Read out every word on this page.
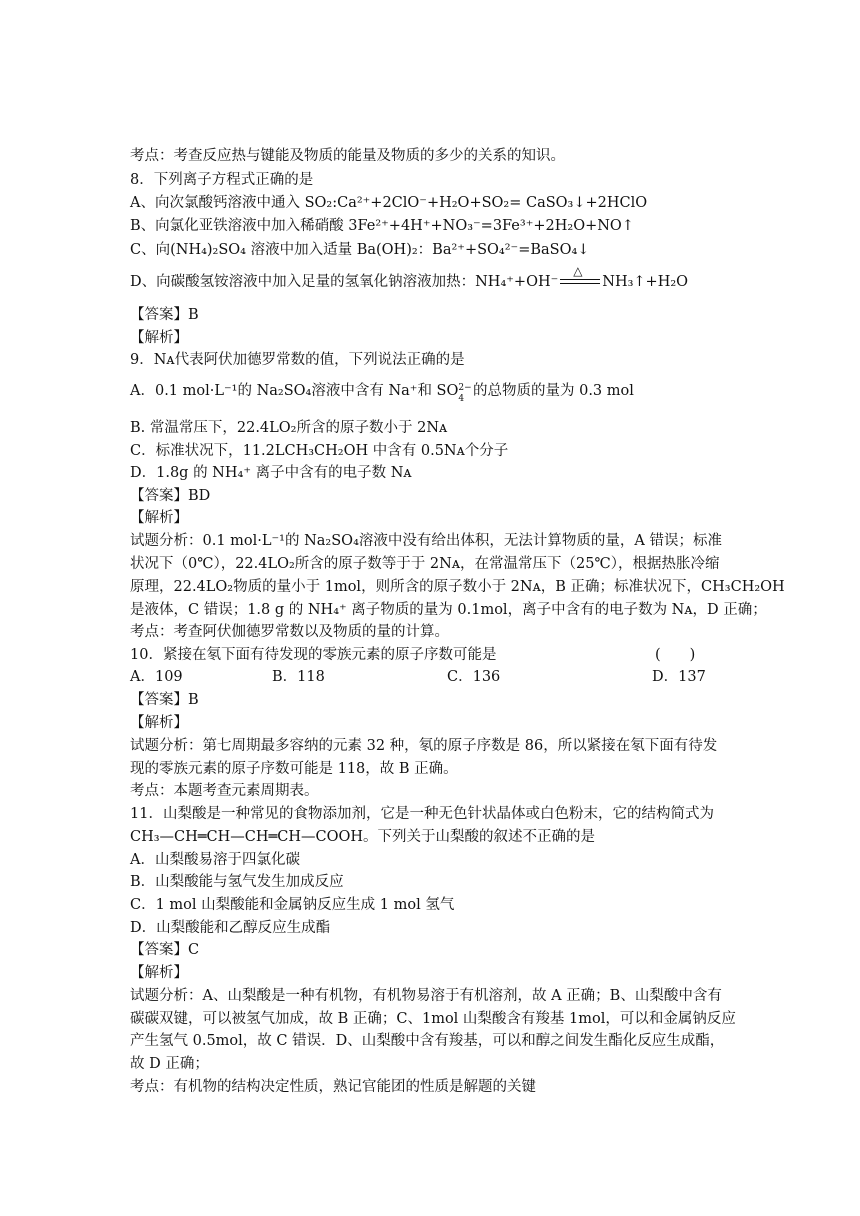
考点：考查反应热与键能及物质的能量及物质的多少的关系的知识。
8．下列离子方程式正确的是
A、向次氯酸钙溶液中通入 SO₂:Ca²⁺+2ClO⁻+H₂O+SO₂= CaSO₃↓+2HClO
B、向氯化亚铁溶液中加入稀硝酸 3Fe²⁺+4H⁺+NO₃⁻=3Fe³⁺+2H₂O+NO↑
C、向(NH₄)₂SO₄ 溶液中加入适量 Ba(OH)₂：Ba²⁺+SO₄²⁻=BaSO₄↓
D、向碳酸氢铵溶液中加入足量的氢氧化钠溶液加热：NH₄⁺+OH⁻
△
NH₃↑+H₂O
【答案】B
【解析】
9．Nᴀ代表阿伏加德罗常数的值，下列说法正确的是
A．0.1 mol·L⁻¹的 Na₂SO₄溶液中含有 Na⁺和 SO 2−
4 的总物质的量为 0.3 mol
B. 常温常压下，22.4LO₂所含的原子数小于 2Nᴀ
C．标准状况下，11.2LCH₃CH₂OH 中含有 0.5Nᴀ个分子
D．1.8g 的 NH₄⁺ 离子中含有的电子数 Nᴀ
【答案】BD
【解析】
试题分析：0.1 mol·L⁻¹的 Na₂SO₄溶液中没有给出体积，无法计算物质的量，A 错误；标准
状况下（0℃），22.4LO₂所含的原子数等于于 2Nᴀ，在常温常压下（25℃），根据热胀冷缩
原理，22.4LO₂物质的量小于 1mol，则所含的原子数小于 2Nᴀ，B 正确；标准状况下，CH₃CH₂OH
是液体，C 错误；1.8 g 的 NH₄⁺ 离子物质的量为 0.1mol，离子中含有的电子数为 Nᴀ，D 正确；
考点：考查阿伏伽德罗常数以及物质的量的计算。
10．紧接在氡下面有待发现的零族元素的原子序数可能是	(　　)
A．109	B．118	C．136	D．137
【答案】B
【解析】
试题分析：第七周期最多容纳的元素 32 种，氡的原子序数是 86，所以紧接在氡下面有待发
现的零族元素的原子序数可能是 118，故 B 正确。
考点：本题考查元素周期表。
11．山梨酸是一种常见的食物添加剂，它是一种无色针状晶体或白色粉末，它的结构简式为
CH₃—CH═CH—CH═CH—COOH。下列关于山梨酸的叙述不正确的是
A．山梨酸易溶于四氯化碳
B．山梨酸能与氢气发生加成反应
C．1 mol 山梨酸能和金属钠反应生成 1 mol 氢气
D．山梨酸能和乙醇反应生成酯
【答案】C
【解析】
试题分析：A、山梨酸是一种有机物，有机物易溶于有机溶剂，故 A 正确；B、山梨酸中含有
碳碳双键，可以被氢气加成，故 B 正确；C、1mol 山梨酸含有羧基 1mol，可以和金属钠反应
产生氢气 0.5mol，故 C 错误．D、山梨酸中含有羧基，可以和醇之间发生酯化反应生成酯，
故 D 正确；
考点：有机物的结构决定性质，熟记官能团的性质是解题的关键
